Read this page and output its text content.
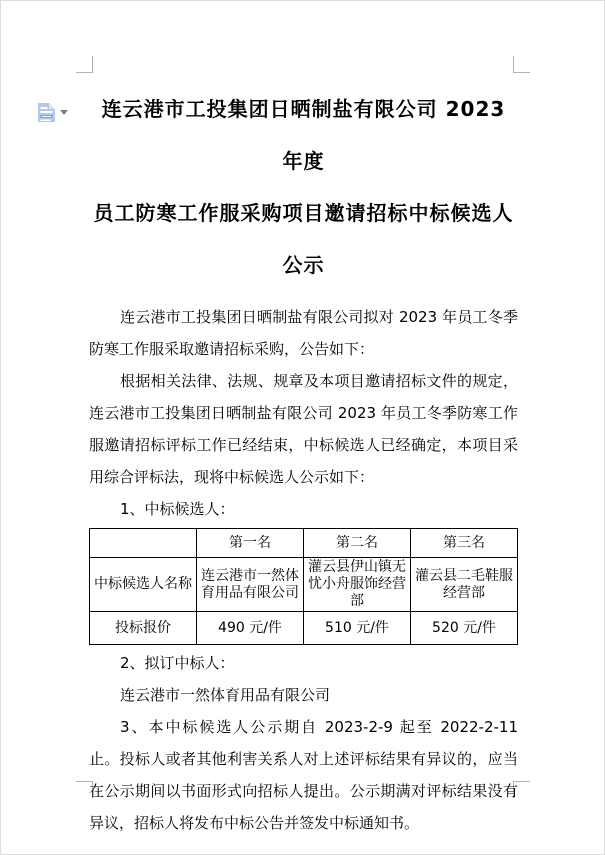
连云港市工投集团日晒制盐有限公司 2023 年度
员工防寒工作服采购项目邀请招标中标候选人
公示

连云港市工投集团日晒制盐有限公司拟对 2023 年员工冬季防寒工作服采取邀请招标采购，公告如下：

根据相关法律、法规、规章及本项目邀请招标文件的规定，连云港市工投集团日晒制盐有限公司 2023 年员工冬季防寒工作服邀请招标评标工作已经结束，中标候选人已经确定，本项目采用综合评标法，现将中标候选人公示如下：

1、中标候选人：

	第一名	第二名	第三名
中标候选人名称	连云港市一然体育用品有限公司	灌云县伊山镇无忧小舟服饰经营部	灌云县二毛鞋服经营部
投标报价	490 元/件	510 元/件	520 元/件

2、拟订中标人：

连云港市一然体育用品有限公司

3、本中标候选人公示期自 2023-2-9 起至 2022-2-11 止。投标人或者其他利害关系人对上述评标结果有异议的，应当在公示期间以书面形式向招标人提出。公示期满对评标结果没有异议，招标人将发布中标公告并签发中标通知书。
